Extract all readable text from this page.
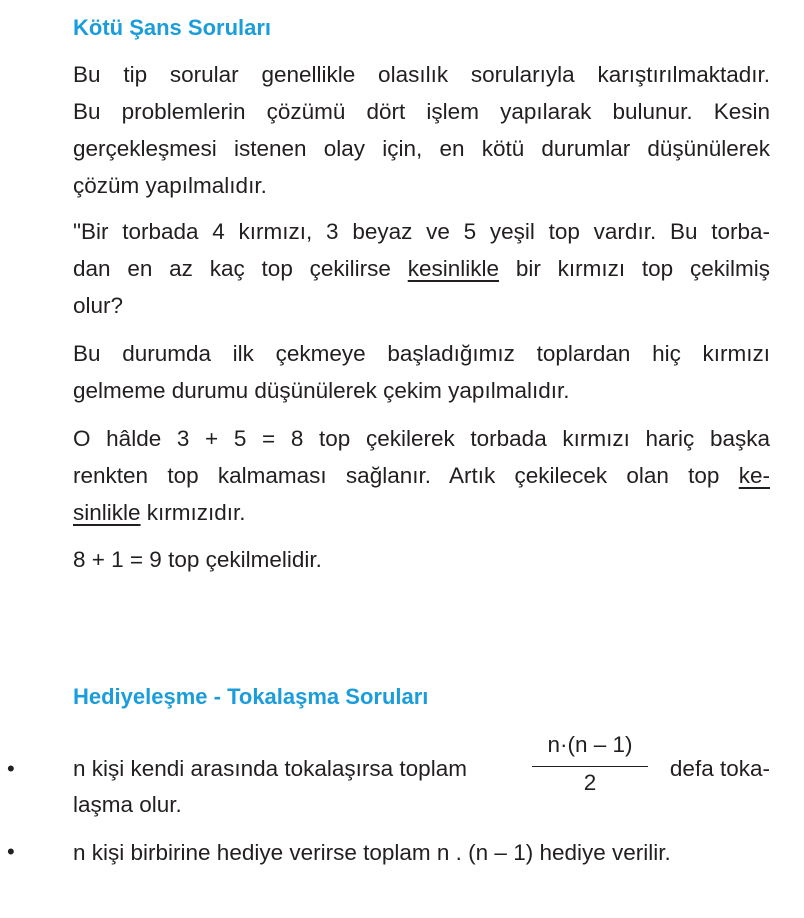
Kötü Şans Soruları
Bu tip sorular genellikle olasılık sorularıyla karıştırılmaktadır.
Bu problemlerin çözümü dört işlem yapılarak bulunur. Kesin
gerçekleşmesi istenen olay için, en kötü durumlar düşünülerek
çözüm yapılmalıdır.
"Bir torbada 4 kırmızı, 3 beyaz ve 5 yeşil top vardır. Bu torba-
dan en az kaç top çekilirse kesinlikle bir kırmızı top çekilmiş
olur?
Bu durumda ilk çekmeye başladığımız toplardan hiç kırmızı
gelmeme durumu düşünülerek çekim yapılmalıdır.
O hâlde 3 + 5 = 8 top çekilerek torbada kırmızı hariç başka
renkten top kalmaması sağlanır. Artık çekilecek olan top ke-
sinlikle kırmızıdır.
8 + 1 = 9 top çekilmelidir.
Hediyeleşme - Tokalaşma Soruları
•	n kişi kendi arasında tokalaşırsa toplam
n·(n – 1)
2
defa toka-
laşma olur.
•	n kişi birbirine hediye verirse toplam n . (n – 1) hediye verilir.
